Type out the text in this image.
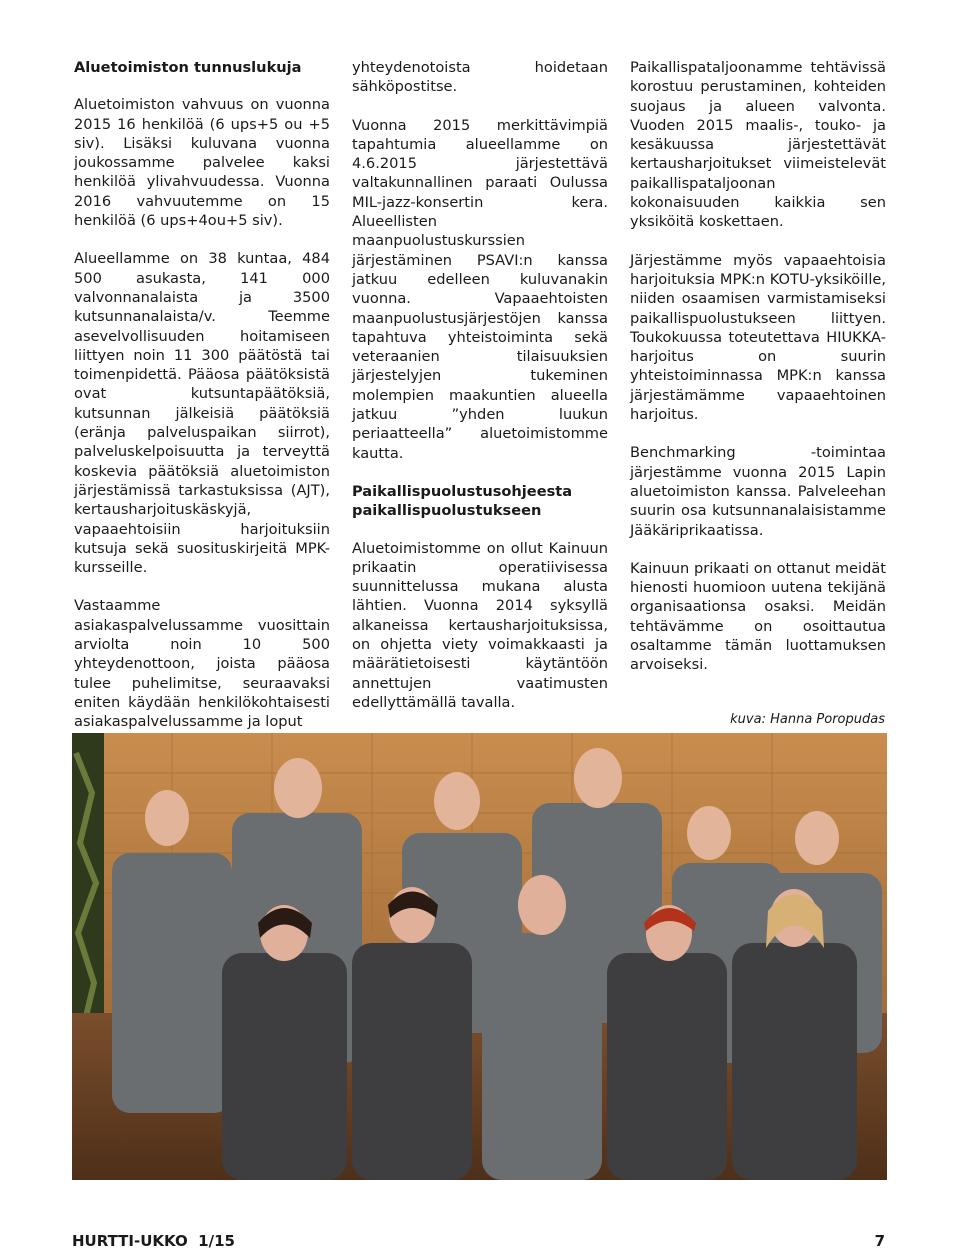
Aluetoimiston tunnuslukuja

Aluetoimiston vahvuus on vuonna 2015 16 henkilöä (6 ups+5 ou +5 siv). Lisäksi kuluvana vuonna joukossamme palvelee kaksi henkilöä ylivahvuudessa. Vuonna 2016 vahvuutemme on 15 henkilöä (6 ups+4ou+5 siv).

Alueellamme on 38 kuntaa, 484 500 asukasta, 141 000 valvonnanalaista ja 3500 kutsunnanalaista/v. Teemme asevelvollisuuden hoitamiseen liittyen noin 11 300 päätöstä tai toimenpidettä. Pääosa päätöksistä ovat kutsuntapäätöksiä, kutsunnan jälkeisiä päätöksiä (eränja palveluspaikan siirrot), palveluskelpoisuutta ja terveyttä koskevia päätöksiä aluetoimiston järjestämissä tarkastuksissa (AJT), kertausharjoituskäskyjä, vapaaehtoisiin harjoituksiin kutsuja sekä suosituskirjeitä MPK-kursseille.

Vastaamme asiakaspalvelussamme vuosittain arviolta noin 10 500 yhteydenottoon, joista pääosa tulee puhelimitse, seuraavaksi eniten käydään henkilökohtaisesti asiakaspalvelussamme ja loput

yhteydenotoista hoidetaan sähköpostitse.

Vuonna 2015 merkittävimpiä tapahtumia alueellamme on 4.6.2015 järjestettävä valtakunnallinen paraati Oulussa MIL-jazz-konsertin kera. Alueellisten maanpuolustuskurssien järjestäminen PSAVI:n kanssa jatkuu edelleen kuluvanakin vuonna. Vapaaehtoisten maanpuolustusjärjestöjen kanssa tapahtuva yhteistoiminta sekä veteraanien tilaisuuksien järjestelyjen tukeminen molempien maakuntien alueella jatkuu ”yhden luukun periaatteella” aluetoimistomme kautta.

Paikallispuolustusohjeesta paikallispuolustukseen

Aluetoimistomme on ollut Kainuun prikaatin operatiivisessa suunnittelussa mukana alusta lähtien. Vuonna 2014 syksyllä alkaneissa kertausharjoituksissa, on ohjetta viety voimakkaasti ja määrätietoisesti käytäntöön annettujen vaatimusten edellyttämällä tavalla.

Paikallispataljoonamme tehtävissä korostuu perustaminen, kohteiden suojaus ja alueen valvonta. Vuoden 2015 maalis-, touko- ja kesäkuussa järjestettävät kertausharjoitukset viimeistelevät paikallispataljoonan kokonaisuuden kaikkia sen yksiköitä koskettaen.

Järjestämme myös vapaaehtoisia harjoituksia MPK:n KOTU-yksiköille, niiden osaamisen varmistamiseksi paikallispuolustukseen liittyen. Toukokuussa toteutettava HIUKKA-harjoitus on suurin yhteistoiminnassa MPK:n kanssa järjestämämme vapaaehtoinen harjoitus.

Benchmarking -toimintaa järjestämme vuonna 2015 Lapin aluetoimiston kanssa. Palveleehan suurin osa kutsunnanalaisistamme Jääkäriprikaatissa.

Kainuun prikaati on ottanut meidät hienosti huomioon uutena tekijänä organisaationsa osaksi. Meidän tehtävämme on osoittautua osaltamme tämän luottamuksen arvoiseksi.

kuva: Hanna Poropudas
HURTTI-UKKO  1/15	7
